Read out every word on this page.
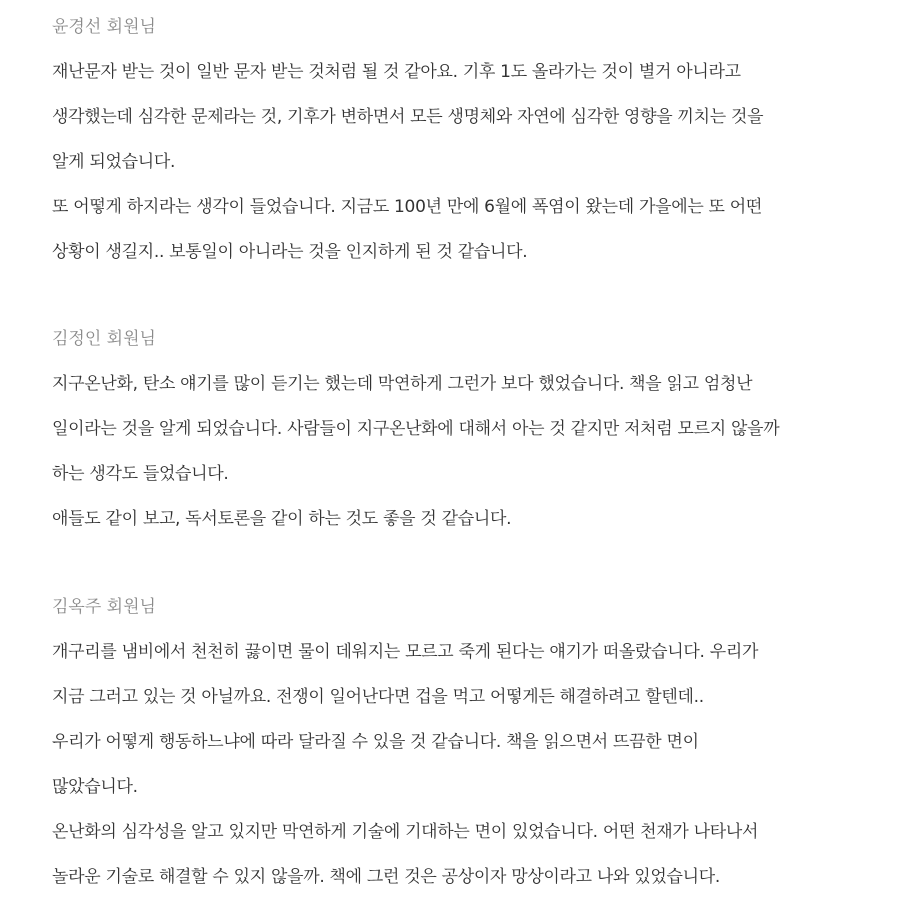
윤경선 회원님
재난문자 받는 것이 일반 문자 받는 것처럼 될 것 같아요. 기후 1도 올라가는 것이 별거 아니라고
생각했는데 심각한 문제라는 것, 기후가 변하면서 모든 생명체와 자연에 심각한 영향을 끼치는 것을
알게 되었습니다.
또 어떻게 하지라는 생각이 들었습니다. 지금도 100년 만에 6월에 폭염이 왔는데 가을에는 또 어떤
상황이 생길지.. 보통일이 아니라는 것을 인지하게 된 것 같습니다.
김정인 회원님
지구온난화, 탄소 얘기를 많이 듣기는 했는데 막연하게 그런가 보다 했었습니다. 책을 읽고 엄청난
일이라는 것을 알게 되었습니다. 사람들이 지구온난화에 대해서 아는 것 같지만 저처럼 모르지 않을까
하는 생각도 들었습니다.
애들도 같이 보고, 독서토론을 같이 하는 것도 좋을 것 같습니다.
김옥주 회원님
개구리를 냄비에서 천천히 끓이면 물이 데워지는 모르고 죽게 된다는 얘기가 떠올랐습니다. 우리가
지금 그러고 있는 것 아닐까요. 전쟁이 일어난다면 겁을 먹고 어떻게든 해결하려고 할텐데..
우리가 어떻게 행동하느냐에 따라 달라질 수 있을 것 같습니다. 책을 읽으면서 뜨끔한 면이
많았습니다.
온난화의 심각성을 알고 있지만 막연하게 기술에 기대하는 면이 있었습니다. 어떤 천재가 나타나서
놀라운 기술로 해결할 수 있지 않을까. 책에 그런 것은 공상이자 망상이라고 나와 있었습니다.
